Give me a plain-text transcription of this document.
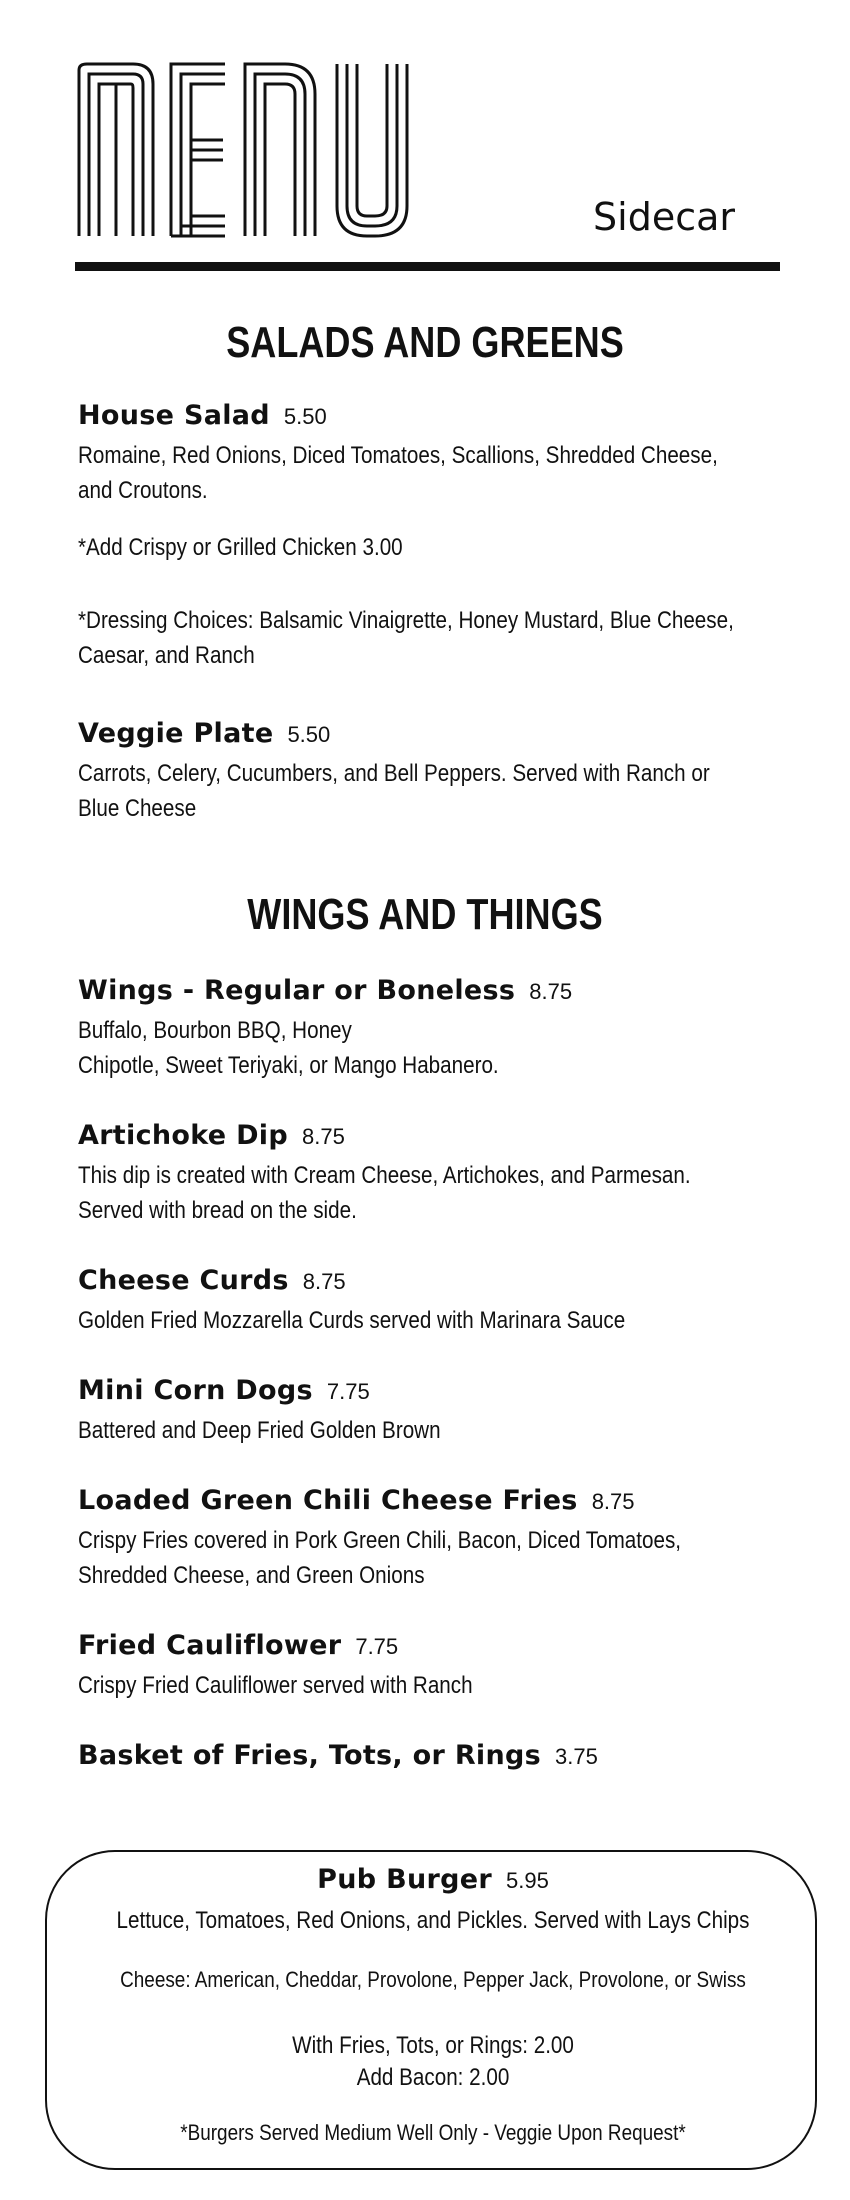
Sidecar
SALADS AND GREENS
House Salad 5.50
Romaine, Red Onions, Diced Tomatoes, Scallions, Shredded Cheese,
and Croutons.
*Add Crispy or Grilled Chicken 3.00
*Dressing Choices: Balsamic Vinaigrette, Honey Mustard, Blue Cheese,
Caesar, and Ranch
Veggie Plate 5.50
Carrots, Celery, Cucumbers, and Bell Peppers. Served with Ranch or
Blue Cheese
WINGS AND THINGS
Wings - Regular or Boneless 8.75
Buffalo, Bourbon BBQ, Honey
Chipotle, Sweet Teriyaki, or Mango Habanero.
Artichoke Dip 8.75
This dip is created with Cream Cheese, Artichokes, and Parmesan.
Served with bread on the side.
Cheese Curds 8.75
Golden Fried Mozzarella Curds served with Marinara Sauce
Mini Corn Dogs 7.75
Battered and Deep Fried Golden Brown
Loaded Green Chili Cheese Fries 8.75
Crispy Fries covered in Pork Green Chili, Bacon, Diced Tomatoes,
Shredded Cheese, and Green Onions
Fried Cauliflower 7.75
Crispy Fried Cauliflower served with Ranch
Basket of Fries, Tots, or Rings 3.75
Pub Burger 5.95
Lettuce, Tomatoes, Red Onions, and Pickles. Served with Lays Chips
Cheese: American, Cheddar, Provolone, Pepper Jack, Provolone, or Swiss
With Fries, Tots, or Rings: 2.00
Add Bacon: 2.00
*Burgers Served Medium Well Only - Veggie Upon Request*
